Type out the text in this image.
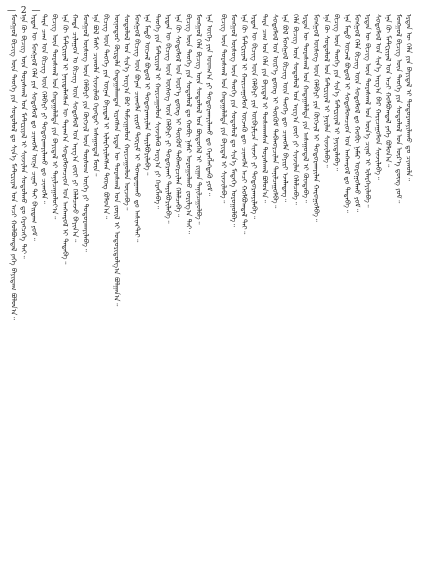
— 2 —
ᠮᠣᠩᠭᠣᠯ ᠪᠢᠴᠢᠭ᠌ ᠦᠨ ᠲᠡᠦᠬᠡ ᠶᠢᠨ ᠰᠤᠳᠤᠯᠤᠯ ᠳᠤ ᠰᠢᠨ᠎ᠡ ᠮᠠᠲ᠋ᠧᠷᠢᠶᠠᠯ ᠤᠨ ᠠᠴᠢ ᠬᠣᠯᠪᠤᠭᠳᠠᠯ ᠶᠡᠬᠡ ᠪᠠᠶᠢᠳᠠᠭ ᠪᠣᠯᠤᠨ᠎ᠠ᠃ ᠡᠨᠡ ᠬᠦ ᠪᠢᠴᠢᠭ᠌ ᠦᠨ ᠳᠤᠷᠠᠰᠬᠠᠯ ᠤᠨ ᠮᠠᠲ᠋ᠧᠷᠢᠶᠠᠯ ᠢ ᠰᠢᠨᠵᠢᠯᠡᠨ ᠰᠤᠳᠤᠯᠬᠤ ᠳᠤ ᠬᠡᠷᠡᠭᠴᠡᠭᠡ ᠲᠠᠢ᠃ ᠡᠷᠲᠡᠨ ᠦ ᠮᠣᠩᠭᠣᠯ ᠬᠡᠯᠡ ᠶᠢᠨ ᠰᠤᠳᠤᠯᠤᠯ ᠳᠤ ᠴᠢᠬᠤᠯᠠ ᠦᠨᠡ ᠴᠢᠨᠠᠷ ᠲᠠᠢ ᠪᠠᠢᠳᠠᠭ ᠶᠤᠮ᠃ ᠲᠡᠷᠡ ᠴᠠᠭ ᠤᠨ ᠪᠢᠴᠢᠭ᠌ ᠦᠨ ᠬᠡᠯᠪᠡᠷᠢ ᠶᠢ ᠲᠣᠳᠤᠷᠬᠠᠶᠢᠯᠠᠬᠤ ᠳᠤ ᠴᠢᠬᠤᠯᠠ᠃ ᠪᠢᠴᠢᠭ᠌ ᠦᠨ ᠳᠤᠷᠠᠰᠬᠠᠯ ᠤᠨ ᠬᠠᠳᠠᠭᠠᠯᠠᠯᠲᠠ ᠶᠢᠨ ᠪᠠᠶᠢᠳᠠᠯ ᠢ ᠲᠠᠨᠢᠯᠴᠠᠭᠤᠯᠤᠶ᠎ᠠ᠃ ᠡᠨᠡ ᠬᠦ ᠮᠠᠲ᠋ᠧᠷᠢᠶᠠᠯ ᠢ ᠨᠡᠶᠢᠲᠡᠯᠡᠭᠰᠡᠨ ᠦ ᠳᠠᠷᠠᠭ᠎ᠠ ᠰᠤᠳᠤᠯᠤᠭᠴᠢᠳ ᠤᠨ ᠠᠩᠬᠠᠷᠤᠯ ᠢ ᠲᠠᠲᠠᠪᠠ᠃ ᠬᠠᠳᠠ ᠴᠢᠯᠠᠭᠤᠨ ᠤ ᠪᠢᠴᠢᠭ᠌ ᠦᠨ ᠰᠤᠳᠤᠯᠤᠯ ᠤᠨ ᠠᠷᠭ᠎ᠠ ᠵᠦᠢ ᠶᠢ ᠬᠡᠯᠡᠯᠴᠡᠵᠦ ᠪᠠᠶᠢᠨ᠎ᠠ᠃ ᠮᠣᠩᠭᠣᠯ ᠦᠰᠦᠭ ᠦᠨ ᠬᠡᠯᠪᠡᠷᠢ ᠶᠢᠨ ᠬᠥᠭᠵᠢᠯ ᠦᠨ ᠲᠦᠰᠦᠬ ᠦᠭᠡ ᠶᠢ ᠲᠣᠳᠤᠷᠬᠠᠶᠢᠯᠠᠪᠠ᠃ ᠡᠨᠡ ᠪᠣᠯ ᠮᠠᠰᠢ ᠴᠢᠬᠤᠯᠠ ᠰᠢᠨᠵᠢᠯᠡᠬᠦ ᠬᠡᠷᠡᠭᠲᠡᠢ ᠠᠰᠠᠭᠤᠳᠠᠯ ᠮᠥᠨ᠃ ᠪᠢᠴᠢᠭ᠌ ᠦᠨ ᠲᠡᠦᠬᠡ ᠶᠢᠨ ᠦᠨᠡᠨ ᠪᠠᠶᠢᠳᠠᠯ ᠢ ᠢᠯᠡᠷᠬᠡᠶᠢᠯᠡᠭᠰᠡᠨ ᠳᠦᠩ ᠪᠣᠯᠤᠨ᠎ᠠ᠃ ᠥᠨᠥᠳᠥᠷ ᠬᠦᠷᠲᠡᠯᠡ ᠬᠠᠳᠠᠭᠠᠯᠠᠭᠳᠠᠨ ᠢᠷᠡᠭᠰᠡᠨ ᠡᠷᠲᠡᠨ ᠦ ᠳᠤᠷᠠᠰᠬᠠᠯ ᠤᠨ ᠵᠦᠢᠯ ᠢ ᠤᠳᠤᠷᠢᠳᠤᠯᠭ᠎ᠠ ᠪᠣᠯᠭᠠᠨ᠎ᠠ᠃ ᠰᠤᠳᠤᠯᠤᠯ ᠤᠨ ᠰᠢᠨ᠎ᠡ ᠠᠷᠭ᠎ᠠ ᠪᠠᠷ ᠳᠠᠮᠵᠢᠭᠤᠯᠤᠨ ᠬᠠᠷᠢᠴᠠᠭᠤᠯᠤᠨ ᠦᠵᠡᠪᠡ᠃ ᠮᠣᠩᠭᠣᠯ ᠪᠢᠴᠢᠭ᠌ ᠦᠨ ᠪᠤᠶᠠᠨ ᠴᠢᠬᠤᠯᠠ ᠵᠢᠷᠤᠮ ᠳᠦᠷᠢᠮ ᠢ ᠲᠣᠭᠲᠠᠭᠠᠬᠤ ᠳᠤ ᠠᠰᠢᠭ᠎ᠲᠠᠢ᠃ ᠡᠨᠡ ᠮᠡᠲᠦ ᠦᠵᠡᠯ ᠪᠣᠳᠤᠯ ᠢ ᠲᠣᠳᠤᠷᠬᠠᠶᠢᠯᠠᠨ ᠲᠠᠶᠢᠯᠪᠤᠷᠢᠯᠠᠪᠠ᠃ ᠲᠡᠦᠬᠡ ᠶᠢᠨ ᠮᠠᠲ᠋ᠧᠷᠢᠶᠠᠯ ᠢ ᠬᠠᠷᠢᠴᠠᠭᠤᠯᠤᠨ ᠰᠢᠨᠵᠢᠯᠡᠬᠦ ᠠᠷᠭ᠎ᠠ ᠶᠢ ᠬᠡᠷᠡᠭᠯᠡᠪᠡ᠃ ᠡᠷᠲᠡᠨ ᠦ ᠪᠢᠴᠢᠭ᠌ ᠦᠨ ᠦᠰᠦᠭ ᠦᠨ ᠬᠡᠯᠪᠡᠷᠢ ᠶᠢ ᠲᠣᠳᠤᠷᠬᠠᠢ ᠲᠠᠶᠢᠯᠪᠤᠷᠢᠯᠠᠪᠠ᠃ ᠡᠨᠡ ᠬᠦ ᠰᠤᠳᠤᠯᠤᠯ ᠤᠨ ᠦᠷ᠎ᠡ ᠳ᠋ᠦᠩ ᠢ ᠳᠦᠭᠦᠮ ᠳᠠᠪᠬᠤᠷᠴᠢᠯᠠᠨ ᠬᠡᠯᠡᠯᠴᠡᠪᠡ᠃ ᠪᠢᠴᠢᠭ᠌ ᠦᠨ ᠲᠡᠦᠬᠡ ᠶᠢᠨ ᠰᠤᠳᠤᠯᠤᠯ ᠳᠤ ᠬᠤᠪᠢ ᠨᠡᠮᠡᠷ ᠣᠷᠣᠭᠤᠯᠬᠤ ᠵᠣᠷᠢᠯᠭ᠎ᠠ ᠲᠠᠢ᠃ ᠮᠣᠩᠭᠣᠯ ᠬᠡᠯᠡ ᠪᠢᠴᠢᠭ᠌ ᠦᠨ ᠰᠤᠳᠤᠯᠤᠯ ᠤᠨ ᠪᠦᠲᠦᠭᠡᠯ ᠢ ᠵᠢᠭᠠᠨ ᠲᠠᠨᠢᠯᠴᠠᠭᠤᠯᠪᠠ᠃ ᠡᠨᠡ ᠦᠭᠡ ᠶᠢᠨ ᠤᠳᠬ᠎ᠠ ᠶᠢ ᠲᠣᠳᠤᠷᠬᠠᠶᠢᠯᠠᠬᠤ ᠳᠤ ᠬᠡᠷᠡᠭᠯᠡᠭᠳᠡᠬᠦ ᠶᠤᠮ᠃ ᠪᠢᠴᠢᠭ᠌ ᠦᠨ ᠳᠤᠷᠠᠰᠬᠠᠯ ᠤᠨ ᠬᠠᠳᠠᠭᠠᠯᠠᠯᠲᠠ ᠶᠢᠨ ᠪᠠᠶᠢᠳᠠᠯ ᠢ ᠰᠢᠨᠵᠢᠯᠡᠪᠡ᠃ ᠮᠣᠩᠭᠣᠯ ᠦᠰᠦᠭ ᠦᠨ ᠲᠡᠦᠬᠡ ᠶᠢᠨ ᠰᠤᠳᠤᠯᠤᠯ ᠳᠤ ᠰᠢᠨ᠎ᠡ ᠮᠡᠳᠡᠭᠡ ᠣᠷᠣᠭᠤᠯᠪᠠ᠃ ᠡᠨᠡ ᠬᠦ ᠮᠠᠲ᠋ᠧᠷᠢᠶᠠᠯ ᠢ ᠬᠠᠷᠢᠴᠠᠭᠤᠯᠤᠨ ᠦᠵᠡᠬᠦ ᠳᠦ ᠴᠢᠬᠤᠯᠠ ᠠᠴᠢ ᠬᠣᠯᠪᠤᠭᠳᠠᠯ ᠲᠠᠢ᠃ ᠡᠷᠲᠡᠨ ᠦ ᠪᠢᠴᠢᠭ᠌ ᠦᠨ ᠬᠡᠯᠪᠡᠷᠢ ᠶᠢᠨ ᠥᠪᠡᠷᠮᠢᠴᠡ ᠰᠢᠨᠵᠢ ᠶᠢ ᠲᠣᠳᠤᠷᠬᠠᠶᠢᠯᠠᠪᠠ᠃ ᠲᠡᠷᠡ ᠴᠠᠭ ᠤᠨ ᠬᠡᠯᠡ ᠶᠢᠨ ᠪᠠᠶᠢᠳᠠᠯ ᠢ ᠲᠤᠰᠬᠠᠭᠰᠠᠨ ᠳᠤᠷᠠᠰᠬᠠᠯ ᠪᠣᠯᠤᠨ᠎ᠠ᠃ ᠰᠤᠳᠤᠯᠤᠯ ᠤᠨ ᠦᠷ᠎ᠡ ᠳ᠋ᠦᠩ ᠢ ᠳᠦᠭᠦᠮ ᠳᠠᠪᠬᠤᠷᠴᠢᠯᠠᠨ ᠲᠠᠨᠢᠯᠴᠠᠭᠤᠯᠪᠠ᠃ ᠡᠨᠡ ᠪᠣᠯ ᠮᠣᠩᠭᠣᠯ ᠪᠢᠴᠢᠭ᠌ ᠦᠨ ᠲᠡᠦᠬᠡ ᠳᠦ ᠴᠢᠬᠤᠯᠠ ᠪᠠᠶᠢᠷᠢ ᠡᠵᠡᠯᠡᠳᠡᠭ᠃ ᠬᠡᠯᠡ ᠪᠢᠴᠢᠭ᠌ ᠦᠨ ᠰᠤᠳᠤᠯᠤᠯ ᠤᠨ ᠠᠷᠭ᠎ᠠ ᠵᠦᠢ ᠶᠢ ᠰᠢᠨᠵᠢᠯᠡᠨ ᠬᠡᠯᠡᠯᠴᠡᠪᠡ᠃ ᠡᠷᠲᠡᠨ ᠦ ᠳᠤᠷᠠᠰᠬᠠᠯ ᠤᠨ ᠬᠠᠳᠠᠭᠠᠯᠠᠯᠲᠠ ᠶᠢᠨ ᠠᠰᠠᠭᠤᠳᠠᠯ ᠢ ᠬᠥᠨᠳᠡᠪᠡ᠃ ᠮᠣᠩᠭᠣᠯ ᠦᠰᠦᠭ ᠦᠨ ᠬᠡᠯᠪᠡᠷᠢ ᠶᠢᠨ ᠬᠥᠭᠵᠢᠯ ᠢ ᠲᠣᠳᠤᠷᠬᠠᠶᠢᠯᠠᠨ ᠬᠠᠷᠤᠭᠤᠯᠪᠠ᠃ ᠡᠨᠡ ᠬᠦ ᠰᠤᠳᠤᠯᠤᠯ ᠤᠨ ᠮᠠᠲ᠋ᠧᠷᠢᠶᠠᠯ ᠢ ᠨᠠᠷᠢᠯᠠᠨ ᠰᠢᠨᠵᠢᠯᠡᠪᠡ᠃ ᠪᠢᠴᠢᠭ᠌ ᠦᠨ ᠲᠡᠦᠬᠡ ᠶᠢᠨ ᠰᠢᠨ᠎ᠡ ᠮᠠᠲ᠋ᠧᠷᠢᠶᠠᠯ ᠢ ᠨᠡᠶᠢᠲᠡᠯᠡᠪᠡ᠃ ᠡᠨᠡ ᠮᠡᠲᠦ ᠦᠵᠡᠯ ᠪᠣᠳᠤᠯ ᠢ ᠰᠤᠳᠤᠯᠤᠭᠴᠢᠳ ᠤᠨ ᠠᠩᠬᠠᠷᠤᠯ ᠳᠤ ᠲᠠᠲᠠᠪᠠ᠃ ᠮᠣᠩᠭᠣᠯ ᠬᠡᠯᠡ ᠪᠢᠴᠢᠭ᠌ ᠦᠨ ᠰᠤᠳᠤᠯᠤᠯ ᠳᠤ ᠬᠤᠪᠢ ᠨᠡᠮᠡᠷ ᠣᠷᠣᠭᠤᠯᠬᠤ ᠶᠤᠮ᠃ ᠡᠷᠲᠡᠨ ᠦ ᠪᠢᠴᠢᠭ᠌ ᠦᠨ ᠳᠤᠷᠠᠰᠬᠠᠯ ᠤᠨ ᠦᠨ᠎ᠡ ᠴᠢᠨᠠᠷ ᠢ ᠢᠯᠡᠷᠬᠡᠶᠢᠯᠡᠪᠡ᠃ ᠰᠤᠳᠤᠯᠤᠯ ᠤᠨ ᠰᠢᠨ᠎ᠡ ᠠᠷᠭ᠎ᠠ ᠪᠠᠷ ᠬᠠᠷᠢᠴᠠᠭᠤᠯᠤᠨ ᠰᠢᠨᠵᠢᠯᠡᠪᠡ᠃ ᠡᠨᠡ ᠬᠦ ᠮᠠᠲ᠋ᠧᠷᠢᠶᠠᠯ ᠤᠨ ᠠᠴᠢ ᠬᠣᠯᠪᠤᠭᠳᠠᠯ ᠶᠡᠬᠡ ᠪᠣᠯᠤᠨ᠎ᠠ᠃ ᠮᠣᠩᠭᠣᠯ ᠪᠢᠴᠢᠭ᠌ ᠦᠨ ᠲᠡᠦᠬᠡ ᠶᠢᠨ ᠰᠤᠳᠤᠯᠤᠯ ᠤᠨ ᠦᠷ᠎ᠡ ᠳ᠋ᠦᠩ ᠶᠤᠮ᠃ ᠡᠷᠲᠡᠨ ᠦ ᠬᠡᠯᠡ ᠶᠢᠨ ᠪᠠᠶᠢᠳᠠᠯ ᠢ ᠲᠣᠳᠤᠷᠬᠠᠶᠢᠯᠠᠬᠤ ᠳᠤ ᠴᠢᠬᠤᠯᠠ᠃
